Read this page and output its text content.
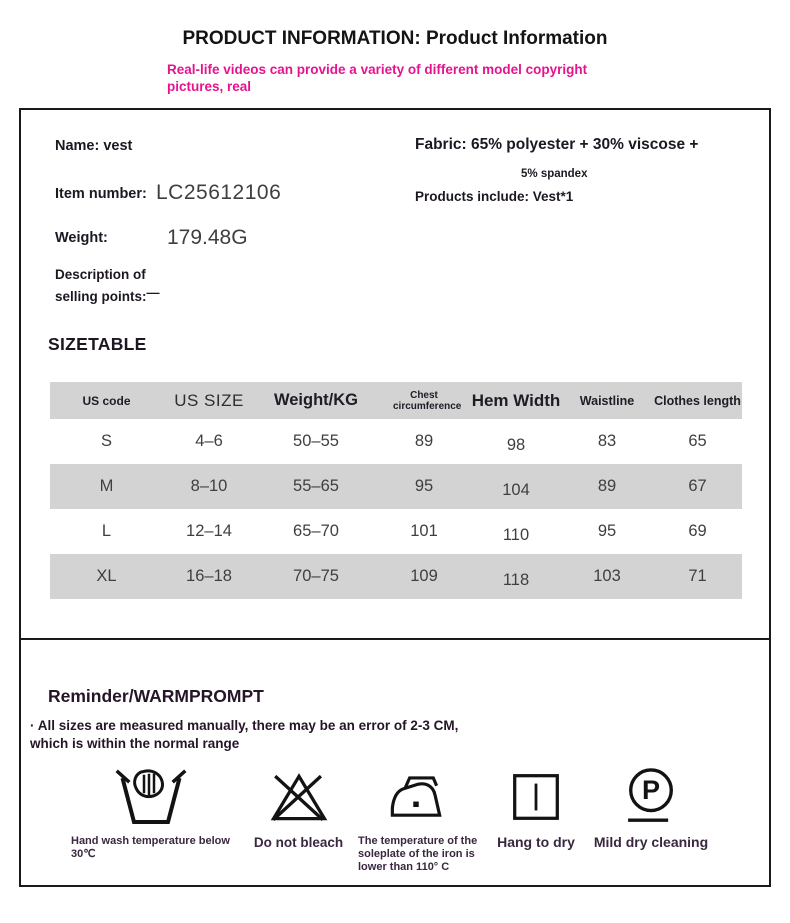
PRODUCT INFORMATION: Product Information
Real-life videos can provide a variety of different model copyright pictures, real
Name: vest	Fabric: 65% polyester + 30% viscose +
5% spandex
Item number: LC25612106	Products include: Vest*1
Weight:	179.48G
Description of selling points:—
SIZETABLE
US code	US SIZE	Weight/KG	Chest circumference	Hem Width	Waistline	Clothes length
S	4–6	50–55	89	98	83	65
M	8–10	55–65	95	104	89	67
L	12–14	65–70	101	110	95	69
XL	16–18	70–75	109	118	103	71
Reminder/WARMPROMPT
· All sizes are measured manually, there may be an error of 2-3 CM, which is within the normal range
Hand wash temperature below 30℃
Do not bleach	The temperature of the soleplate of the iron is lower than 110° C
Hang to dry
P
Mild dry cleaning
